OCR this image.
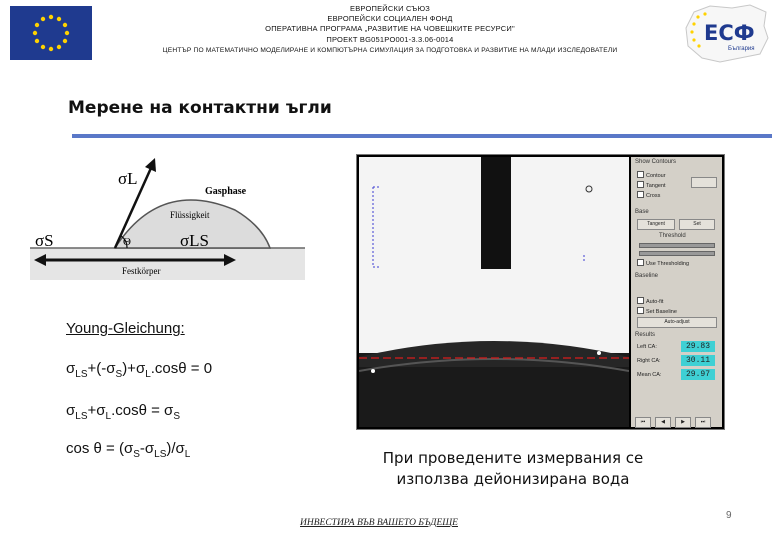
ЕВРОПЕЙСКИ СЪЮЗ
ЕВРОПЕЙСКИ СОЦИАЛЕН ФОНД
ОПЕРАТИВНА ПРОГРАМА „РАЗВИТИЕ НА ЧОВЕШКИТЕ РЕСУРСИ"
ПРОЕКТ BG051PO001-3.3.06-0014
ЦЕНТЪР ПО МАТЕМАТИЧНО МОДЕЛИРАНЕ И КОМПЮТЪРНА СИМУЛАЦИЯ ЗА ПОДГОТОВКА И РАЗВИТИЕ НА МЛАДИ ИЗСЛЕДОВАТЕЛИ
ЕСФ
България
Мерене на контактни ъгли
Θ
σL
σS	σLS
Gasphase
Flüssigkeit
Festkörper
Show Contours
Contour
Tangent
Cross
Base
Tangent	Set
Threshold
Use Thresholding
Baseline
Auto-fit
Set Baseline
Auto-adjust
Results
Left CA:	29.83
Right CA:	30.11
Mean CA:	29.97
⏮	◀	▶	⏭
Young-Gleichung:
$\sigma_{LS}+(-\sigma_S)+\sigma_L.\cos\theta = 0$
$\sigma_{LS}+\sigma_L.\cos\theta = \sigma_S$
$\cos \theta = (\sigma_S-\sigma_{LS})/\sigma_L$	При проведените измервания се
използва дейонизирана вода
ИНВЕСТИРА ВЪВ ВАШЕТО БЪДЕЩЕ
9
